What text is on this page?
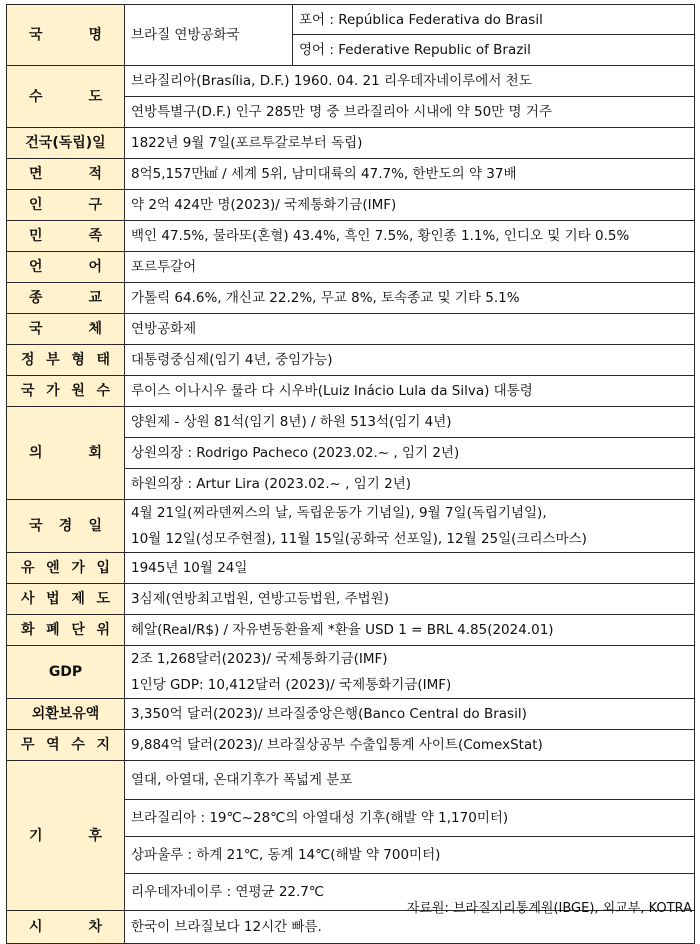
국 명	브라질 연방공화국	포어 : República Federativa do Brasil
		영어 : Federative Republic of Brazil
수 도	브라질리아(Brasília, D.F.) 1960. 04. 21 리우데자네이루에서 천도	
	연방특별구(D.F.) 인구 285만 명 중 브라질리아 시내에 약 50만 명 거주	
건국(독립)일	1822년 9월 7일(포르투갈로부터 독립)	
면 적	8억5,157만㎢ / 세계 5위, 남미대륙의 47.7%, 한반도의 약 37배	
인 구	약 2억 424만 명(2023)/ 국제통화기금(IMF)	
민 족	백인 47.5%, 물라또(혼혈) 43.4%, 흑인 7.5%, 황인종 1.1%, 인디오 및 기타 0.5%	
언 어	포르투갈어	
종 교	가톨릭 64.6%, 개신교 22.2%, 무교 8%, 토속종교 및 기타 5.1%	
국 체	연방공화제	
정 부 형 태	대통령중심제(임기 4년, 중임가능)	
국 가 원 수	루이스 이나시우 룰라 다 시우바(Luiz Inácio Lula da Silva) 대통령	
의 회	양원제 - 상원 81석(임기 8년) / 하원 513석(임기 4년)	
	상원의장 : Rodrigo Pacheco (2023.02.~ , 임기 2년)	
	하원의장 : Artur Lira (2023.02.~ , 임기 2년)	
국 경 일	4월 21일(찌라덴찌스의 날, 독립운동가 기념일), 9월 7일(독립기념일),	
	10월 12일(성모주현절), 11월 15일(공화국 선포일), 12월 25일(크리스마스)	
유 엔 가 입	1945년 10월 24일	
사 법 제 도	3심제(연방최고법원, 연방고등법원, 주법원)	
화 폐 단 위	헤알(Real/R$) / 자유변동환율제 *환율 USD 1 = BRL 4.85(2024.01)	
GDP	2조 1,268달러(2023)/ 국제통화기금(IMF)	
	1인당 GDP: 10,412달러 (2023)/ 국제통화기금(IMF)	
외환보유액	3,350억 달러(2023)/ 브라질중앙은행(Banco Central do Brasil)	
무 역 수 지	9,884억 달러(2023)/ 브라질상공부 수출입통계 사이트(ComexStat)	
기 후	열대, 아열대, 온대기후가 폭넓게 분포	
	브라질리아 : 19℃~28℃의 아열대성 기후(해발 약 1,170미터)	
	상파울루 : 하계 21℃, 동계 14℃(해발 약 700미터)	
	리우데자네이루 : 연평균 22.7℃	
시 차	한국이 브라질보다 12시간 빠름.	
자료원: 브라질지리통계원(IBGE), 외교부, KOTRA
